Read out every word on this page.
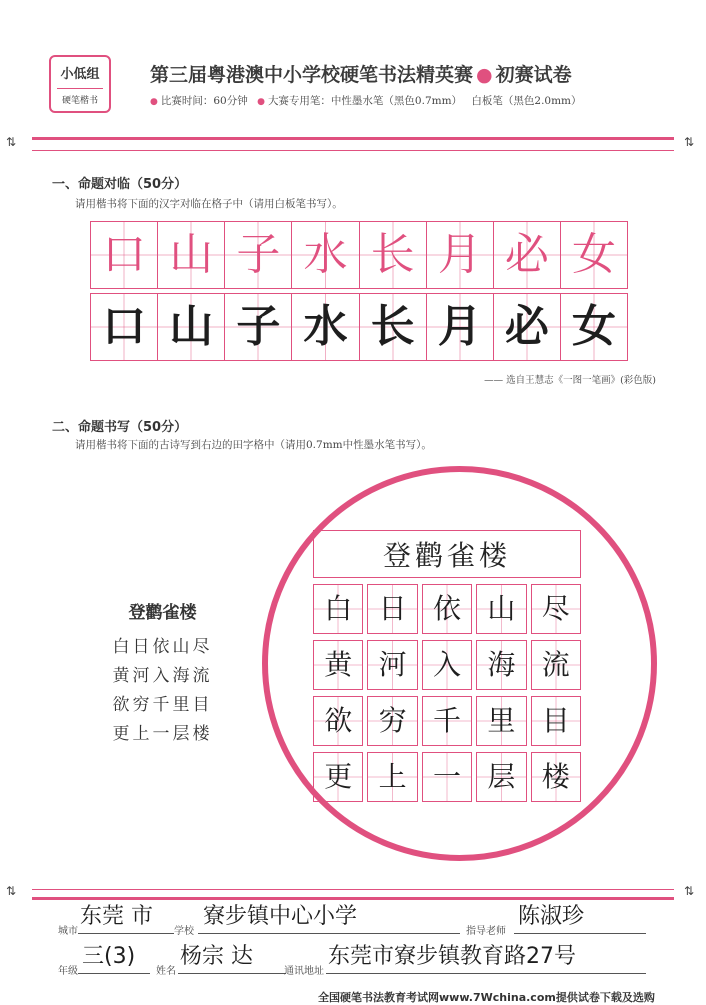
小低组
硬笔楷书
第三届粤港澳中小学校硬笔书法精英赛 ● 初赛试卷
● 比赛时间：60分钟 ● 大赛专用笔：中性墨水笔（黑色0.7mm） 白板笔（黑色2.0mm）
⇅	⇅
一、命题对临（50分）
请用楷书将下面的汉字对临在格子中（请用白板笔书写）。
口 山 子 水 长 月 必 女
口 山 子 水 长 月 必 女
—— 选自王慧志《一图一笔画》(彩色版)
二、命题书写（50分）
请用楷书将下面的古诗写到右边的田字格中（请用0.7mm中性墨水笔书写）。
登鹳雀楼
白日依山尽
黄河入海流
欲穷千里目
更上一层楼
登鹳雀楼
白 日 依 山 尽
黄 河 入 海 流
欲 穷 千 里 目
更 上 一 层 楼
⇅	⇅
城市
东莞 市
学校
寮步镇中心小学
指导老师
陈淑珍
年级
三(3)
姓名
杨宗 达
通讯地址
东莞市寮步镇教育路27号
全国硬笔书法教育考试网www.7Wchina.com提供试卷下载及选购
